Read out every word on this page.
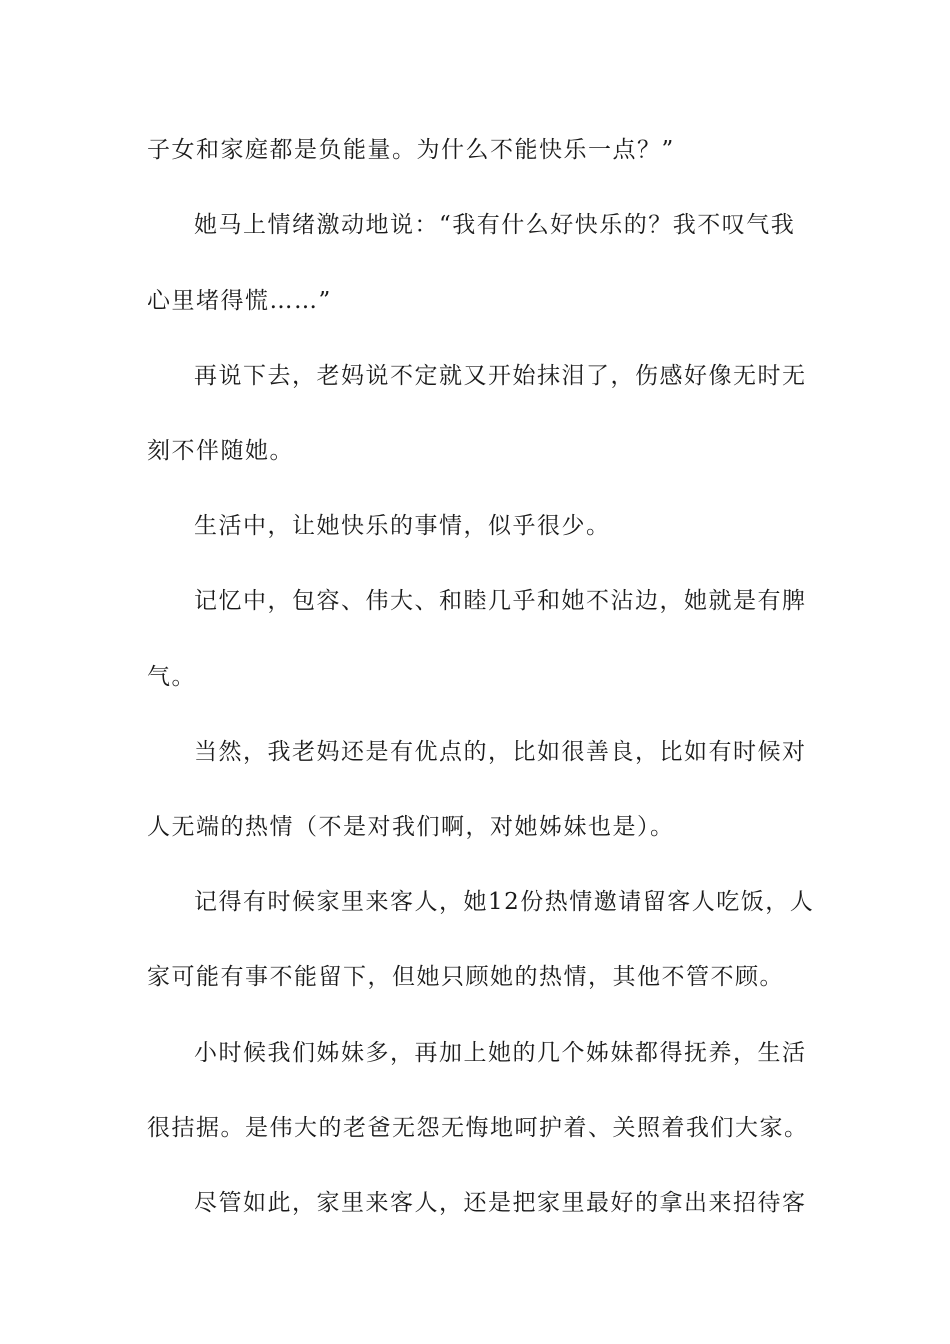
子女和家庭都是负能量。为什么不能快乐一点？”
她马上情绪激动地说：“我有什么好快乐的？我不叹气我
心里堵得慌……”
再说下去，老妈说不定就又开始抹泪了，伤感好像无时无
刻不伴随她。
生活中，让她快乐的事情，似乎很少。
记忆中，包容、伟大、和睦几乎和她不沾边，她就是有脾
气。
当然，我老妈还是有优点的，比如很善良，比如有时候对
人无端的热情（不是对我们啊，对她姊妹也是）。
记得有时候家里来客人，她12份热情邀请留客人吃饭，人
家可能有事不能留下，但她只顾她的热情，其他不管不顾。
小时候我们姊妹多，再加上她的几个姊妹都得抚养，生活
很拮据。是伟大的老爸无怨无悔地呵护着、关照着我们大家。
尽管如此，家里来客人，还是把家里最好的拿出来招待客
